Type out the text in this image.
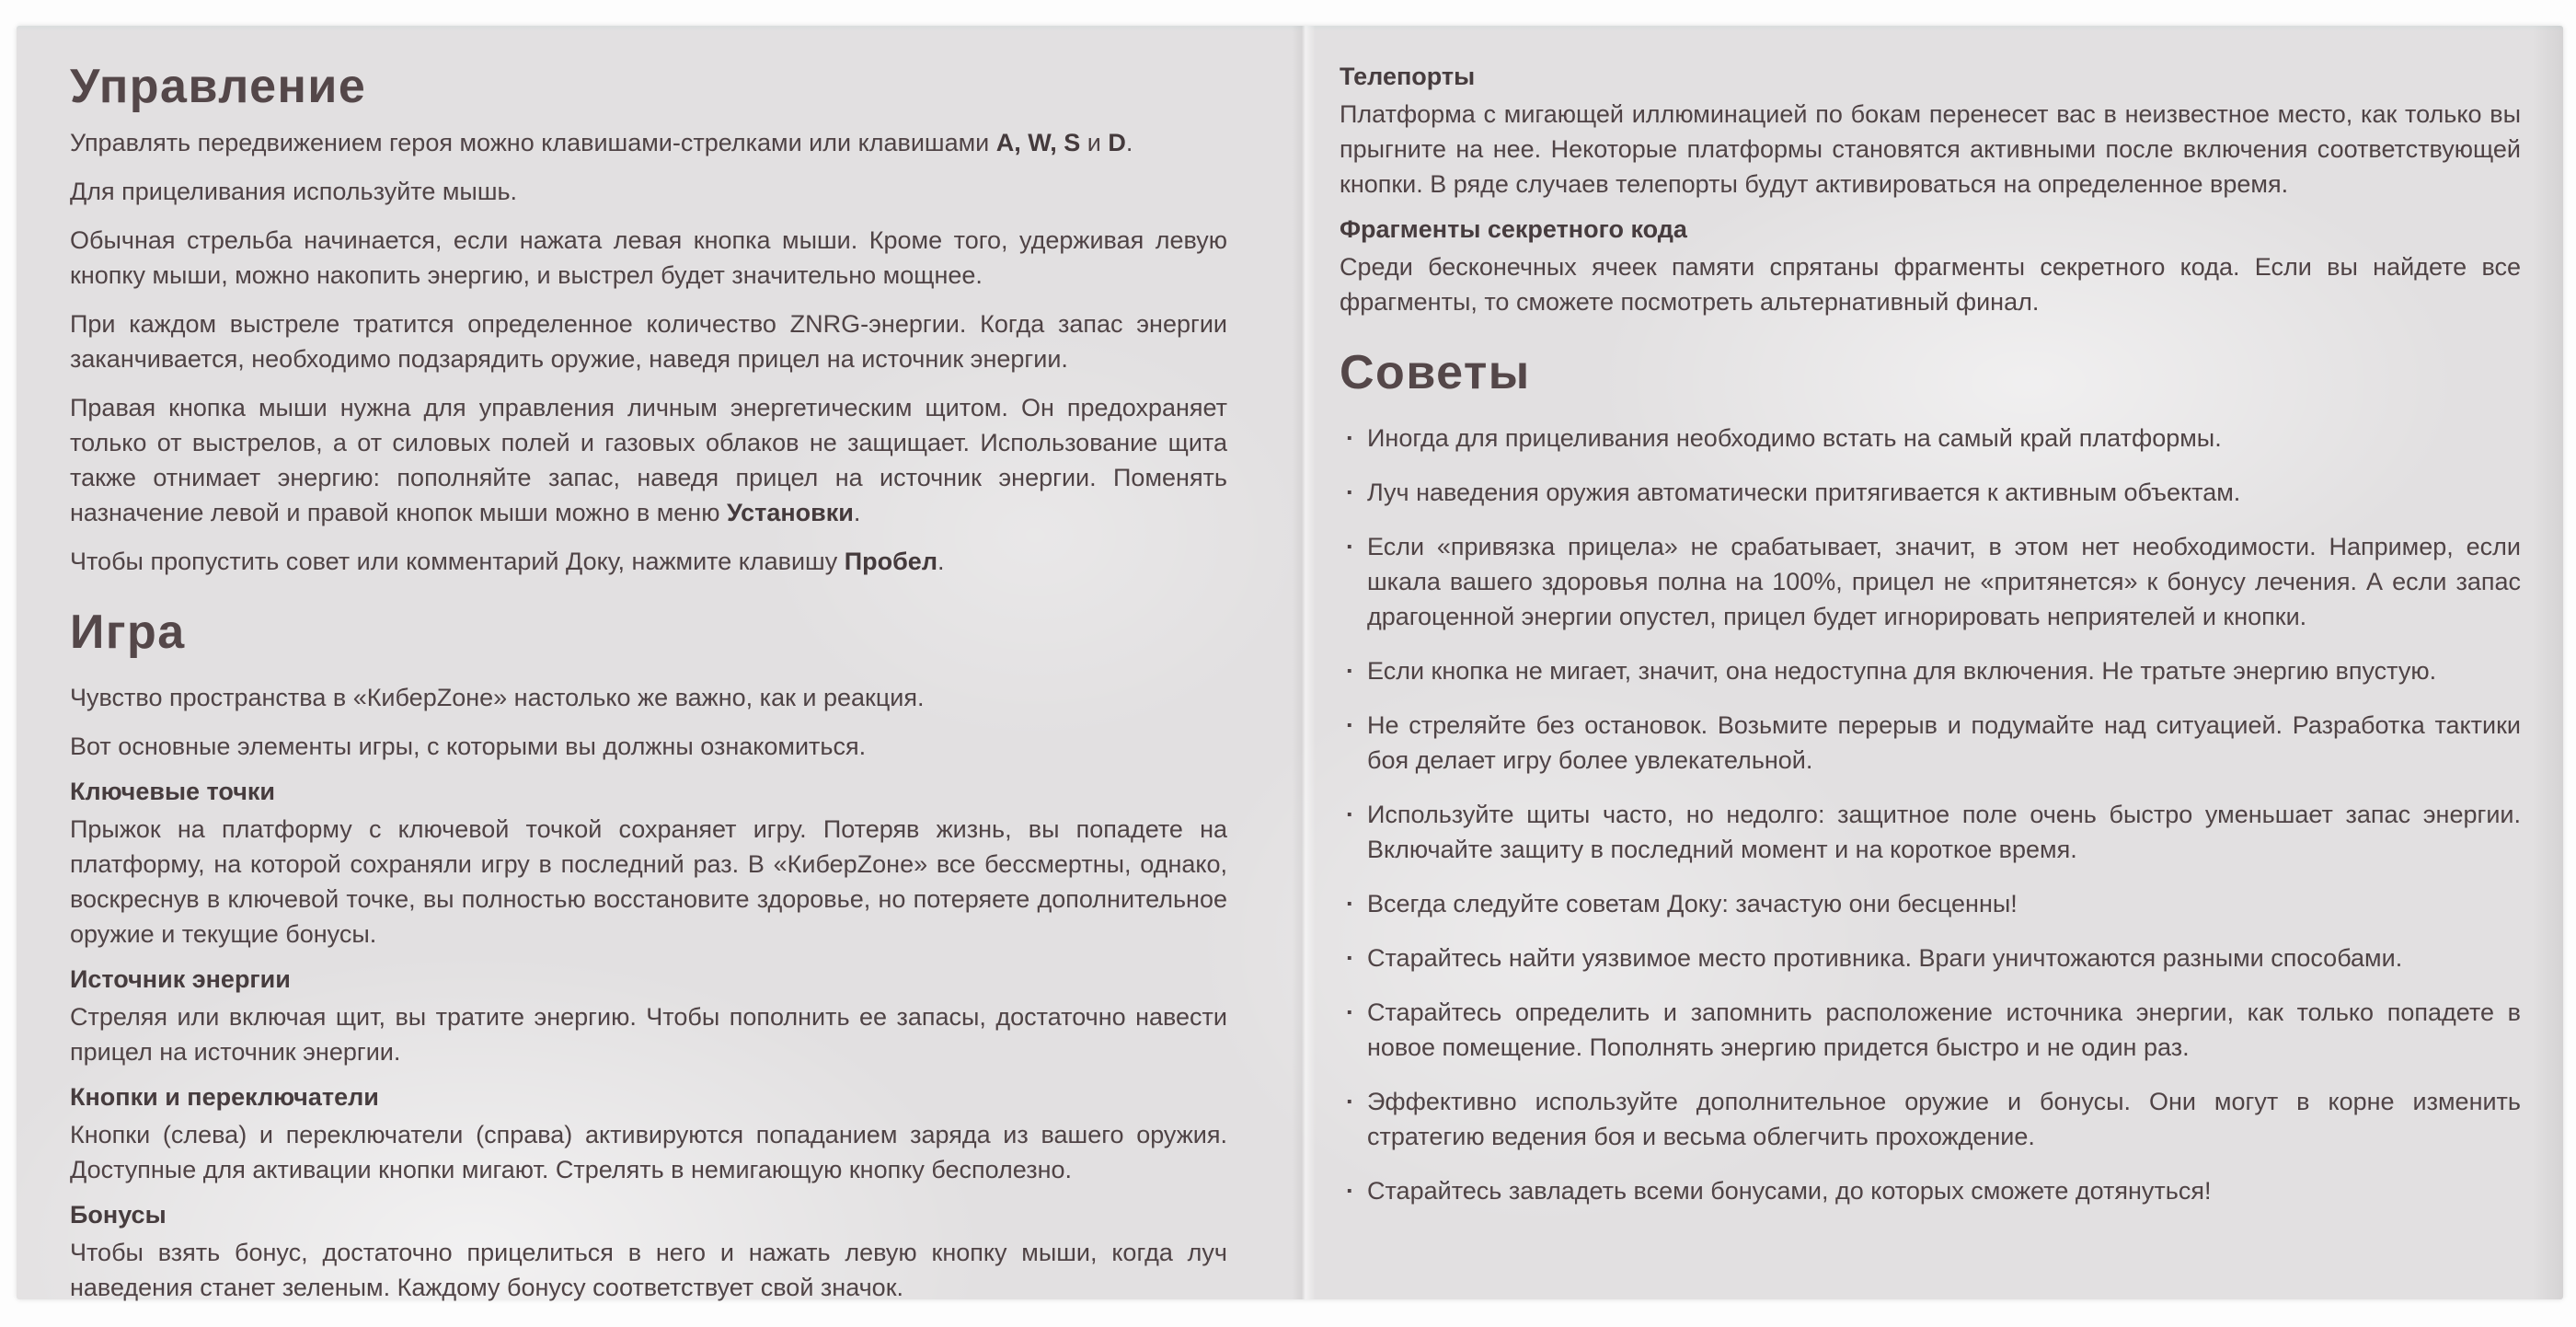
Управление

Управлять передвижением героя можно клавишами-стрелками или клавишами A, W, S и D.

Для прицеливания используйте мышь.

Обычная стрельба начинается, если нажата левая кнопка мыши. Кроме того, удерживая левую кнопку мыши, можно накопить энергию, и выстрел будет значительно мощнее.

При каждом выстреле тратится определенное количество ZNRG-энергии. Когда запас энергии заканчивается, необходимо подзарядить оружие, наведя прицел на источник энергии.

Правая кнопка мыши нужна для управления личным энергетическим щитом. Он предохраняет только от выстрелов, а от силовых полей и газовых облаков не защищает. Использование щита также отнимает энергию: пополняйте запас, наведя прицел на источник энергии. Поменять назначение левой и правой кнопок мыши можно в меню Установки.

Чтобы пропустить совет или комментарий Доку, нажмите клавишу Пробел.

Игра

Чувство пространства в «КиберZоне» настолько же важно, как и реакция.

Вот основные элементы игры, с которыми вы должны ознакомиться.

Ключевые точки

Прыжок на платформу с ключевой точкой сохраняет игру. Потеряв жизнь, вы попадете на платформу, на которой сохраняли игру в последний раз. В «КиберZоне» все бессмертны, однако, воскреснув в ключевой точке, вы полностью восстановите здоровье, но потеряете дополнительное оружие и текущие бонусы.

Источник энергии

Стреляя или включая щит, вы тратите энергию. Чтобы пополнить ее запасы, достаточно навести прицел на источник энергии.

Кнопки и переключатели

Кнопки (слева) и переключатели (справа) активируются попаданием заряда из вашего оружия. Доступные для активации кнопки мигают. Стрелять в немигающую кнопку бесполезно.

Бонусы

Чтобы взять бонус, достаточно прицелиться в него и нажать левую кнопку мыши, когда луч наведения станет зеленым. Каждому бонусу соответствует свой значок.

Телепорты

Платформа с мигающей иллюминацией по бокам перенесет вас в неизвестное место, как только вы прыгните на нее. Некоторые платформы становятся активными после включения соответствующей кнопки. В ряде случаев телепорты будут активироваться на определенное время.

Фрагменты секретного кода

Среди бесконечных ячеек памяти спрятаны фрагменты секретного кода. Если вы найдете все фрагменты, то сможете посмотреть альтернативный финал.

Советы
· Иногда для прицеливания необходимо встать на самый край платформы.
· Луч наведения оружия автоматически притягивается к активным объектам.
· Если «привязка прицела» не срабатывает, значит, в этом нет необходимости. Например, если шкала вашего здоровья полна на 100%, прицел не «притянется» к бонусу лечения. А если запас драгоценной энергии опустел, прицел будет игнорировать неприятелей и кнопки.
· Если кнопка не мигает, значит, она недоступна для включения. Не тратьте энергию впустую.
· Не стреляйте без остановок. Возьмите перерыв и подумайте над ситуацией. Разработка тактики боя делает игру более увлекательной.
· Используйте щиты часто, но недолго: защитное поле очень быстро уменьшает запас энергии. Включайте защиту в последний момент и на короткое время.
· Всегда следуйте советам Доку: зачастую они бесценны!
· Старайтесь найти уязвимое место противника. Враги уничтожаются разными способами.
· Старайтесь определить и запомнить расположение источника энергии, как только попадете в новое помещение. Пополнять энергию придется быстро и не один раз.
· Эффективно используйте дополнительное оружие и бонусы. Они могут в корне изменить стратегию ведения боя и весьма облегчить прохождение.
· Старайтесь завладеть всеми бонусами, до которых сможете дотянуться!
